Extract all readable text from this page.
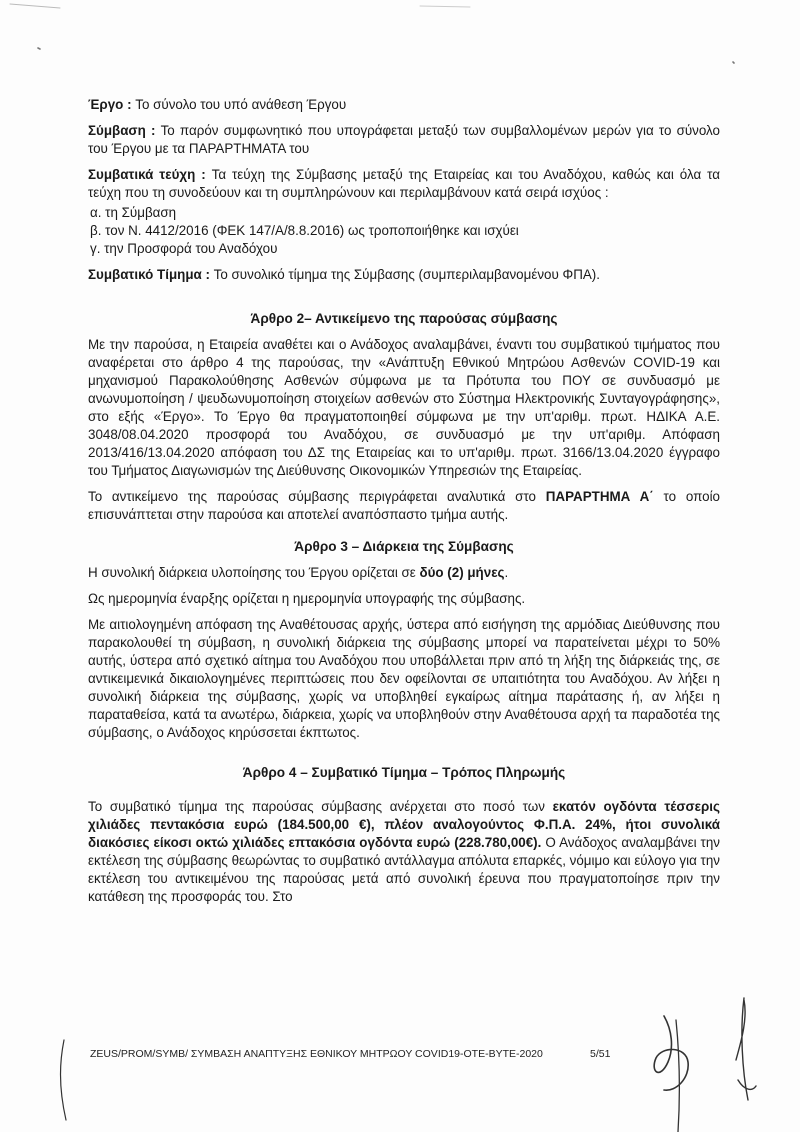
Έργο : Το σύνολο του υπό ανάθεση Έργου
Σύμβαση : Το παρόν συμφωνητικό που υπογράφεται μεταξύ των συμβαλλομένων μερών για το σύνολο του Έργου με τα ΠΑΡΑΡΤΗΜΑΤΑ του
Συμβατικά τεύχη : Τα τεύχη της Σύμβασης μεταξύ της Εταιρείας και του Αναδόχου, καθώς και όλα τα τεύχη που τη συνοδεύουν και τη συμπληρώνουν και περιλαμβάνουν κατά σειρά ισχύος :
α. τη Σύμβαση
β. τον Ν. 4412/2016 (ΦΕΚ 147/Α/8.8.2016) ως τροποποιήθηκε και ισχύει
γ. την Προσφορά του Αναδόχου
Συμβατικό Τίμημα : Το συνολικό τίμημα της Σύμβασης (συμπεριλαμβανομένου ΦΠΑ).
Άρθρο 2– Αντικείμενο της παρούσας σύμβασης

Με την παρούσα, η Εταιρεία αναθέτει και ο Ανάδοχος αναλαμβάνει, έναντι του συμβατικού τιμήματος που αναφέρεται στο άρθρο 4 της παρούσας, την «Ανάπτυξη Εθνικού Μητρώου Ασθενών COVID-19 και μηχανισμού Παρακολούθησης Ασθενών σύμφωνα με τα Πρότυπα του ΠΟΥ σε συνδυασμό με ανωνυμοποίηση / ψευδωνυμοποίηση στοιχείων ασθενών στο Σύστημα Ηλεκτρονικής Συνταγογράφησης», στο εξής «Έργο». Το Έργο θα πραγματοποιηθεί σύμφωνα με την υπ'αριθμ. πρωτ. ΗΔΙΚΑ Α.Ε. 3048/08.04.2020 προσφορά του Αναδόχου, σε συνδυασμό με την υπ'αριθμ. Απόφαση 2013/416/13.04.2020 απόφαση του ΔΣ της Εταιρείας και το υπ'αριθμ. πρωτ. 3166/13.04.2020 έγγραφο του Τμήματος Διαγωνισμών της Διεύθυνσης Οικονομικών Υπηρεσιών της Εταιρείας.

Το αντικείμενο της παρούσας σύμβασης περιγράφεται αναλυτικά στο ΠΑΡΑΡΤΗΜΑ Α΄ το οποίο επισυνάπτεται στην παρούσα και αποτελεί αναπόσπαστο τμήμα αυτής.

Άρθρο 3 – Διάρκεια της Σύμβασης

Η συνολική διάρκεια υλοποίησης του Έργου ορίζεται σε δύο (2) μήνες.

Ως ημερομηνία έναρξης ορίζεται η ημερομηνία υπογραφής της σύμβασης.

Με αιτιολογημένη απόφαση της Αναθέτουσας αρχής, ύστερα από εισήγηση της αρμόδιας Διεύθυνσης που παρακολουθεί τη σύμβαση, η συνολική διάρκεια της σύμβασης μπορεί να παρατείνεται μέχρι το 50% αυτής, ύστερα από σχετικό αίτημα του Αναδόχου που υποβάλλεται πριν από τη λήξη της διάρκειάς της, σε αντικειμενικά δικαιολογημένες περιπτώσεις που δεν οφείλονται σε υπαιτιότητα του Αναδόχου. Αν λήξει η συνολική διάρκεια της σύμβασης, χωρίς να υποβληθεί εγκαίρως αίτημα παράτασης ή, αν λήξει η παραταθείσα, κατά τα ανωτέρω, διάρκεια, χωρίς να υποβληθούν στην Αναθέτουσα αρχή τα παραδοτέα της σύμβασης, ο Ανάδοχος κηρύσσεται έκπτωτος.

Άρθρο 4 – Συμβατικό Τίμημα – Τρόπος Πληρωμής

Το συμβατικό τίμημα της παρούσας σύμβασης ανέρχεται στο ποσό των εκατόν ογδόντα τέσσερις χιλιάδες πεντακόσια ευρώ (184.500,00 €), πλέον αναλογούντος Φ.Π.Α. 24%, ήτοι συνολικά διακόσιες είκοσι οκτώ χιλιάδες επτακόσια ογδόντα ευρώ (228.780,00€). Ο Ανάδοχος αναλαμβάνει την εκτέλεση της σύμβασης θεωρώντας το συμβατικό αντάλλαγμα απόλυτα επαρκές, νόμιμο και εύλογο για την εκτέλεση του αντικειμένου της παρούσας μετά από συνολική έρευνα που πραγματοποίησε πριν την κατάθεση της προσφοράς του. Στο

ZEUS/PROM/SYMB/ ΣΥΜΒΑΣΗ ΑΝΑΠΤΥΞΗΣ ΕΘΝΙΚΟΥ ΜΗΤΡΩΟΥ COVID19-ΟΤΕ-ΒΥΤΕ-2020	5/51
